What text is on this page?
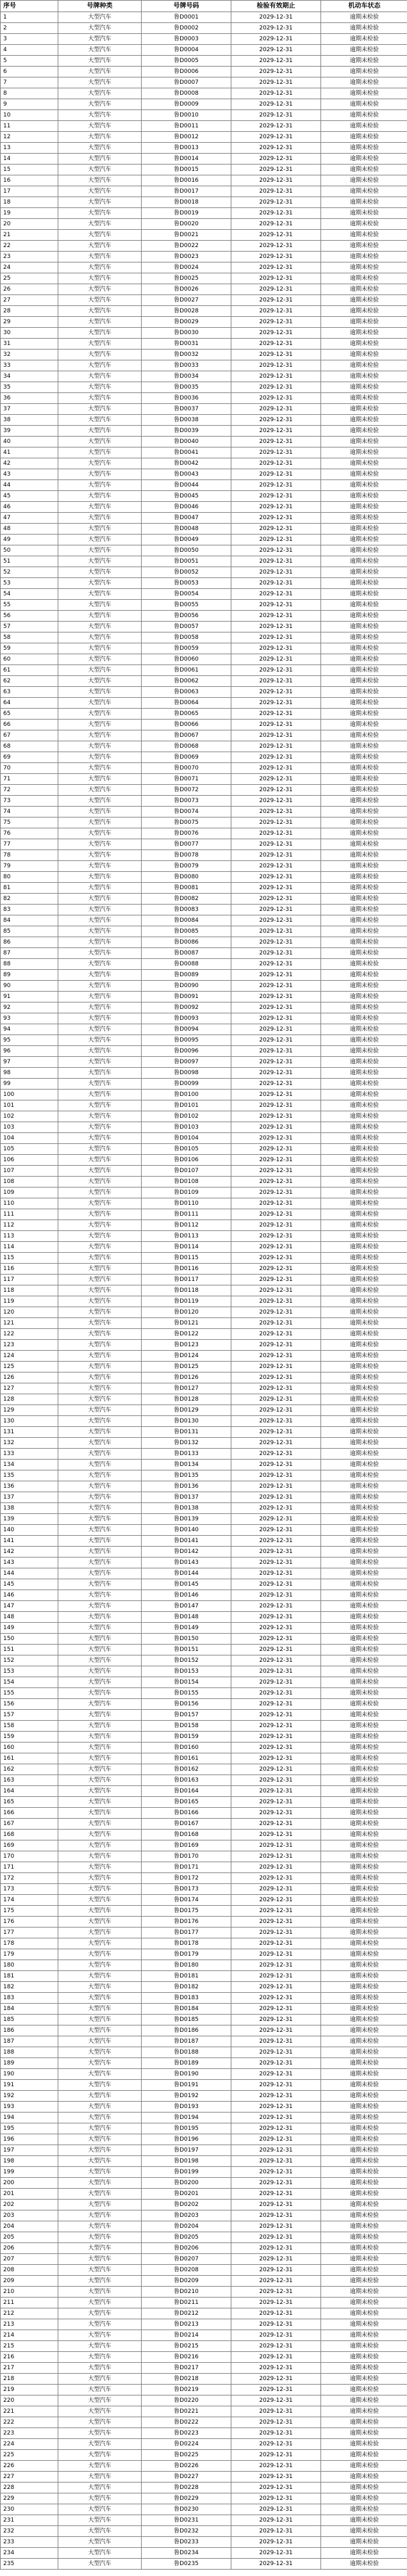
序号	号牌种类	号牌号码	检验有效期止	机动车状态
1	大型汽车	鲁D0001	2029-12-31	逾期未检验
2	大型汽车	鲁D0002	2029-12-31	逾期未检验
3	大型汽车	鲁D0003	2029-12-31	逾期未检验
4	大型汽车	鲁D0004	2029-12-31	逾期未检验
5	大型汽车	鲁D0005	2029-12-31	逾期未检验
6	大型汽车	鲁D0006	2029-12-31	逾期未检验
7	大型汽车	鲁D0007	2029-12-31	逾期未检验
8	大型汽车	鲁D0008	2029-12-31	逾期未检验
9	大型汽车	鲁D0009	2029-12-31	逾期未检验
10	大型汽车	鲁D0010	2029-12-31	逾期未检验
11	大型汽车	鲁D0011	2029-12-31	逾期未检验
12	大型汽车	鲁D0012	2029-12-31	逾期未检验
13	大型汽车	鲁D0013	2029-12-31	逾期未检验
14	大型汽车	鲁D0014	2029-12-31	逾期未检验
15	大型汽车	鲁D0015	2029-12-31	逾期未检验
16	大型汽车	鲁D0016	2029-12-31	逾期未检验
17	大型汽车	鲁D0017	2029-12-31	逾期未检验
18	大型汽车	鲁D0018	2029-12-31	逾期未检验
19	大型汽车	鲁D0019	2029-12-31	逾期未检验
20	大型汽车	鲁D0020	2029-12-31	逾期未检验
21	大型汽车	鲁D0021	2029-12-31	逾期未检验
22	大型汽车	鲁D0022	2029-12-31	逾期未检验
23	大型汽车	鲁D0023	2029-12-31	逾期未检验
24	大型汽车	鲁D0024	2029-12-31	逾期未检验
25	大型汽车	鲁D0025	2029-12-31	逾期未检验
26	大型汽车	鲁D0026	2029-12-31	逾期未检验
27	大型汽车	鲁D0027	2029-12-31	逾期未检验
28	大型汽车	鲁D0028	2029-12-31	逾期未检验
29	大型汽车	鲁D0029	2029-12-31	逾期未检验
30	大型汽车	鲁D0030	2029-12-31	逾期未检验
31	大型汽车	鲁D0031	2029-12-31	逾期未检验
32	大型汽车	鲁D0032	2029-12-31	逾期未检验
33	大型汽车	鲁D0033	2029-12-31	逾期未检验
34	大型汽车	鲁D0034	2029-12-31	逾期未检验
35	大型汽车	鲁D0035	2029-12-31	逾期未检验
36	大型汽车	鲁D0036	2029-12-31	逾期未检验
37	大型汽车	鲁D0037	2029-12-31	逾期未检验
38	大型汽车	鲁D0038	2029-12-31	逾期未检验
39	大型汽车	鲁D0039	2029-12-31	逾期未检验
40	大型汽车	鲁D0040	2029-12-31	逾期未检验
41	大型汽车	鲁D0041	2029-12-31	逾期未检验
42	大型汽车	鲁D0042	2029-12-31	逾期未检验
43	大型汽车	鲁D0043	2029-12-31	逾期未检验
44	大型汽车	鲁D0044	2029-12-31	逾期未检验
45	大型汽车	鲁D0045	2029-12-31	逾期未检验
46	大型汽车	鲁D0046	2029-12-31	逾期未检验
47	大型汽车	鲁D0047	2029-12-31	逾期未检验
48	大型汽车	鲁D0048	2029-12-31	逾期未检验
49	大型汽车	鲁D0049	2029-12-31	逾期未检验
50	大型汽车	鲁D0050	2029-12-31	逾期未检验
51	大型汽车	鲁D0051	2029-12-31	逾期未检验
52	大型汽车	鲁D0052	2029-12-31	逾期未检验
53	大型汽车	鲁D0053	2029-12-31	逾期未检验
54	大型汽车	鲁D0054	2029-12-31	逾期未检验
55	大型汽车	鲁D0055	2029-12-31	逾期未检验
56	大型汽车	鲁D0056	2029-12-31	逾期未检验
57	大型汽车	鲁D0057	2029-12-31	逾期未检验
58	大型汽车	鲁D0058	2029-12-31	逾期未检验
59	大型汽车	鲁D0059	2029-12-31	逾期未检验
60	大型汽车	鲁D0060	2029-12-31	逾期未检验
61	大型汽车	鲁D0061	2029-12-31	逾期未检验
62	大型汽车	鲁D0062	2029-12-31	逾期未检验
63	大型汽车	鲁D0063	2029-12-31	逾期未检验
64	大型汽车	鲁D0064	2029-12-31	逾期未检验
65	大型汽车	鲁D0065	2029-12-31	逾期未检验
66	大型汽车	鲁D0066	2029-12-31	逾期未检验
67	大型汽车	鲁D0067	2029-12-31	逾期未检验
68	大型汽车	鲁D0068	2029-12-31	逾期未检验
69	大型汽车	鲁D0069	2029-12-31	逾期未检验
70	大型汽车	鲁D0070	2029-12-31	逾期未检验
71	大型汽车	鲁D0071	2029-12-31	逾期未检验
72	大型汽车	鲁D0072	2029-12-31	逾期未检验
73	大型汽车	鲁D0073	2029-12-31	逾期未检验
74	大型汽车	鲁D0074	2029-12-31	逾期未检验
75	大型汽车	鲁D0075	2029-12-31	逾期未检验
76	大型汽车	鲁D0076	2029-12-31	逾期未检验
77	大型汽车	鲁D0077	2029-12-31	逾期未检验
78	大型汽车	鲁D0078	2029-12-31	逾期未检验
79	大型汽车	鲁D0079	2029-12-31	逾期未检验
80	大型汽车	鲁D0080	2029-12-31	逾期未检验
81	大型汽车	鲁D0081	2029-12-31	逾期未检验
82	大型汽车	鲁D0082	2029-12-31	逾期未检验
83	大型汽车	鲁D0083	2029-12-31	逾期未检验
84	大型汽车	鲁D0084	2029-12-31	逾期未检验
85	大型汽车	鲁D0085	2029-12-31	逾期未检验
86	大型汽车	鲁D0086	2029-12-31	逾期未检验
87	大型汽车	鲁D0087	2029-12-31	逾期未检验
88	大型汽车	鲁D0088	2029-12-31	逾期未检验
89	大型汽车	鲁D0089	2029-12-31	逾期未检验
90	大型汽车	鲁D0090	2029-12-31	逾期未检验
91	大型汽车	鲁D0091	2029-12-31	逾期未检验
92	大型汽车	鲁D0092	2029-12-31	逾期未检验
93	大型汽车	鲁D0093	2029-12-31	逾期未检验
94	大型汽车	鲁D0094	2029-12-31	逾期未检验
95	大型汽车	鲁D0095	2029-12-31	逾期未检验
96	大型汽车	鲁D0096	2029-12-31	逾期未检验
97	大型汽车	鲁D0097	2029-12-31	逾期未检验
98	大型汽车	鲁D0098	2029-12-31	逾期未检验
99	大型汽车	鲁D0099	2029-12-31	逾期未检验
100	大型汽车	鲁D0100	2029-12-31	逾期未检验
101	大型汽车	鲁D0101	2029-12-31	逾期未检验
102	大型汽车	鲁D0102	2029-12-31	逾期未检验
103	大型汽车	鲁D0103	2029-12-31	逾期未检验
104	大型汽车	鲁D0104	2029-12-31	逾期未检验
105	大型汽车	鲁D0105	2029-12-31	逾期未检验
106	大型汽车	鲁D0106	2029-12-31	逾期未检验
107	大型汽车	鲁D0107	2029-12-31	逾期未检验
108	大型汽车	鲁D0108	2029-12-31	逾期未检验
109	大型汽车	鲁D0109	2029-12-31	逾期未检验
110	大型汽车	鲁D0110	2029-12-31	逾期未检验
111	大型汽车	鲁D0111	2029-12-31	逾期未检验
112	大型汽车	鲁D0112	2029-12-31	逾期未检验
113	大型汽车	鲁D0113	2029-12-31	逾期未检验
114	大型汽车	鲁D0114	2029-12-31	逾期未检验
115	大型汽车	鲁D0115	2029-12-31	逾期未检验
116	大型汽车	鲁D0116	2029-12-31	逾期未检验
117	大型汽车	鲁D0117	2029-12-31	逾期未检验
118	大型汽车	鲁D0118	2029-12-31	逾期未检验
119	大型汽车	鲁D0119	2029-12-31	逾期未检验
120	大型汽车	鲁D0120	2029-12-31	逾期未检验
121	大型汽车	鲁D0121	2029-12-31	逾期未检验
122	大型汽车	鲁D0122	2029-12-31	逾期未检验
123	大型汽车	鲁D0123	2029-12-31	逾期未检验
124	大型汽车	鲁D0124	2029-12-31	逾期未检验
125	大型汽车	鲁D0125	2029-12-31	逾期未检验
126	大型汽车	鲁D0126	2029-12-31	逾期未检验
127	大型汽车	鲁D0127	2029-12-31	逾期未检验
128	大型汽车	鲁D0128	2029-12-31	逾期未检验
129	大型汽车	鲁D0129	2029-12-31	逾期未检验
130	大型汽车	鲁D0130	2029-12-31	逾期未检验
131	大型汽车	鲁D0131	2029-12-31	逾期未检验
132	大型汽车	鲁D0132	2029-12-31	逾期未检验
133	大型汽车	鲁D0133	2029-12-31	逾期未检验
134	大型汽车	鲁D0134	2029-12-31	逾期未检验
135	大型汽车	鲁D0135	2029-12-31	逾期未检验
136	大型汽车	鲁D0136	2029-12-31	逾期未检验
137	大型汽车	鲁D0137	2029-12-31	逾期未检验
138	大型汽车	鲁D0138	2029-12-31	逾期未检验
139	大型汽车	鲁D0139	2029-12-31	逾期未检验
140	大型汽车	鲁D0140	2029-12-31	逾期未检验
141	大型汽车	鲁D0141	2029-12-31	逾期未检验
142	大型汽车	鲁D0142	2029-12-31	逾期未检验
143	大型汽车	鲁D0143	2029-12-31	逾期未检验
144	大型汽车	鲁D0144	2029-12-31	逾期未检验
145	大型汽车	鲁D0145	2029-12-31	逾期未检验
146	大型汽车	鲁D0146	2029-12-31	逾期未检验
147	大型汽车	鲁D0147	2029-12-31	逾期未检验
148	大型汽车	鲁D0148	2029-12-31	逾期未检验
149	大型汽车	鲁D0149	2029-12-31	逾期未检验
150	大型汽车	鲁D0150	2029-12-31	逾期未检验
151	大型汽车	鲁D0151	2029-12-31	逾期未检验
152	大型汽车	鲁D0152	2029-12-31	逾期未检验
153	大型汽车	鲁D0153	2029-12-31	逾期未检验
154	大型汽车	鲁D0154	2029-12-31	逾期未检验
155	大型汽车	鲁D0155	2029-12-31	逾期未检验
156	大型汽车	鲁D0156	2029-12-31	逾期未检验
157	大型汽车	鲁D0157	2029-12-31	逾期未检验
158	大型汽车	鲁D0158	2029-12-31	逾期未检验
159	大型汽车	鲁D0159	2029-12-31	逾期未检验
160	大型汽车	鲁D0160	2029-12-31	逾期未检验
161	大型汽车	鲁D0161	2029-12-31	逾期未检验
162	大型汽车	鲁D0162	2029-12-31	逾期未检验
163	大型汽车	鲁D0163	2029-12-31	逾期未检验
164	大型汽车	鲁D0164	2029-12-31	逾期未检验
165	大型汽车	鲁D0165	2029-12-31	逾期未检验
166	大型汽车	鲁D0166	2029-12-31	逾期未检验
167	大型汽车	鲁D0167	2029-12-31	逾期未检验
168	大型汽车	鲁D0168	2029-12-31	逾期未检验
169	大型汽车	鲁D0169	2029-12-31	逾期未检验
170	大型汽车	鲁D0170	2029-12-31	逾期未检验
171	大型汽车	鲁D0171	2029-12-31	逾期未检验
172	大型汽车	鲁D0172	2029-12-31	逾期未检验
173	大型汽车	鲁D0173	2029-12-31	逾期未检验
174	大型汽车	鲁D0174	2029-12-31	逾期未检验
175	大型汽车	鲁D0175	2029-12-31	逾期未检验
176	大型汽车	鲁D0176	2029-12-31	逾期未检验
177	大型汽车	鲁D0177	2029-12-31	逾期未检验
178	大型汽车	鲁D0178	2029-12-31	逾期未检验
179	大型汽车	鲁D0179	2029-12-31	逾期未检验
180	大型汽车	鲁D0180	2029-12-31	逾期未检验
181	大型汽车	鲁D0181	2029-12-31	逾期未检验
182	大型汽车	鲁D0182	2029-12-31	逾期未检验
183	大型汽车	鲁D0183	2029-12-31	逾期未检验
184	大型汽车	鲁D0184	2029-12-31	逾期未检验
185	大型汽车	鲁D0185	2029-12-31	逾期未检验
186	大型汽车	鲁D0186	2029-12-31	逾期未检验
187	大型汽车	鲁D0187	2029-12-31	逾期未检验
188	大型汽车	鲁D0188	2029-12-31	逾期未检验
189	大型汽车	鲁D0189	2029-12-31	逾期未检验
190	大型汽车	鲁D0190	2029-12-31	逾期未检验
191	大型汽车	鲁D0191	2029-12-31	逾期未检验
192	大型汽车	鲁D0192	2029-12-31	逾期未检验
193	大型汽车	鲁D0193	2029-12-31	逾期未检验
194	大型汽车	鲁D0194	2029-12-31	逾期未检验
195	大型汽车	鲁D0195	2029-12-31	逾期未检验
196	大型汽车	鲁D0196	2029-12-31	逾期未检验
197	大型汽车	鲁D0197	2029-12-31	逾期未检验
198	大型汽车	鲁D0198	2029-12-31	逾期未检验
199	大型汽车	鲁D0199	2029-12-31	逾期未检验
200	大型汽车	鲁D0200	2029-12-31	逾期未检验
201	大型汽车	鲁D0201	2029-12-31	逾期未检验
202	大型汽车	鲁D0202	2029-12-31	逾期未检验
203	大型汽车	鲁D0203	2029-12-31	逾期未检验
204	大型汽车	鲁D0204	2029-12-31	逾期未检验
205	大型汽车	鲁D0205	2029-12-31	逾期未检验
206	大型汽车	鲁D0206	2029-12-31	逾期未检验
207	大型汽车	鲁D0207	2029-12-31	逾期未检验
208	大型汽车	鲁D0208	2029-12-31	逾期未检验
209	大型汽车	鲁D0209	2029-12-31	逾期未检验
210	大型汽车	鲁D0210	2029-12-31	逾期未检验
211	大型汽车	鲁D0211	2029-12-31	逾期未检验
212	大型汽车	鲁D0212	2029-12-31	逾期未检验
213	大型汽车	鲁D0213	2029-12-31	逾期未检验
214	大型汽车	鲁D0214	2029-12-31	逾期未检验
215	大型汽车	鲁D0215	2029-12-31	逾期未检验
216	大型汽车	鲁D0216	2029-12-31	逾期未检验
217	大型汽车	鲁D0217	2029-12-31	逾期未检验
218	大型汽车	鲁D0218	2029-12-31	逾期未检验
219	大型汽车	鲁D0219	2029-12-31	逾期未检验
220	大型汽车	鲁D0220	2029-12-31	逾期未检验
221	大型汽车	鲁D0221	2029-12-31	逾期未检验
222	大型汽车	鲁D0222	2029-12-31	逾期未检验
223	大型汽车	鲁D0223	2029-12-31	逾期未检验
224	大型汽车	鲁D0224	2029-12-31	逾期未检验
225	大型汽车	鲁D0225	2029-12-31	逾期未检验
226	大型汽车	鲁D0226	2029-12-31	逾期未检验
227	大型汽车	鲁D0227	2029-12-31	逾期未检验
228	大型汽车	鲁D0228	2029-12-31	逾期未检验
229	大型汽车	鲁D0229	2029-12-31	逾期未检验
230	大型汽车	鲁D0230	2029-12-31	逾期未检验
231	大型汽车	鲁D0231	2029-12-31	逾期未检验
232	大型汽车	鲁D0232	2029-12-31	逾期未检验
233	大型汽车	鲁D0233	2029-12-31	逾期未检验
234	大型汽车	鲁D0234	2029-12-31	逾期未检验
235	大型汽车	鲁D0235	2029-12-31	逾期未检验
